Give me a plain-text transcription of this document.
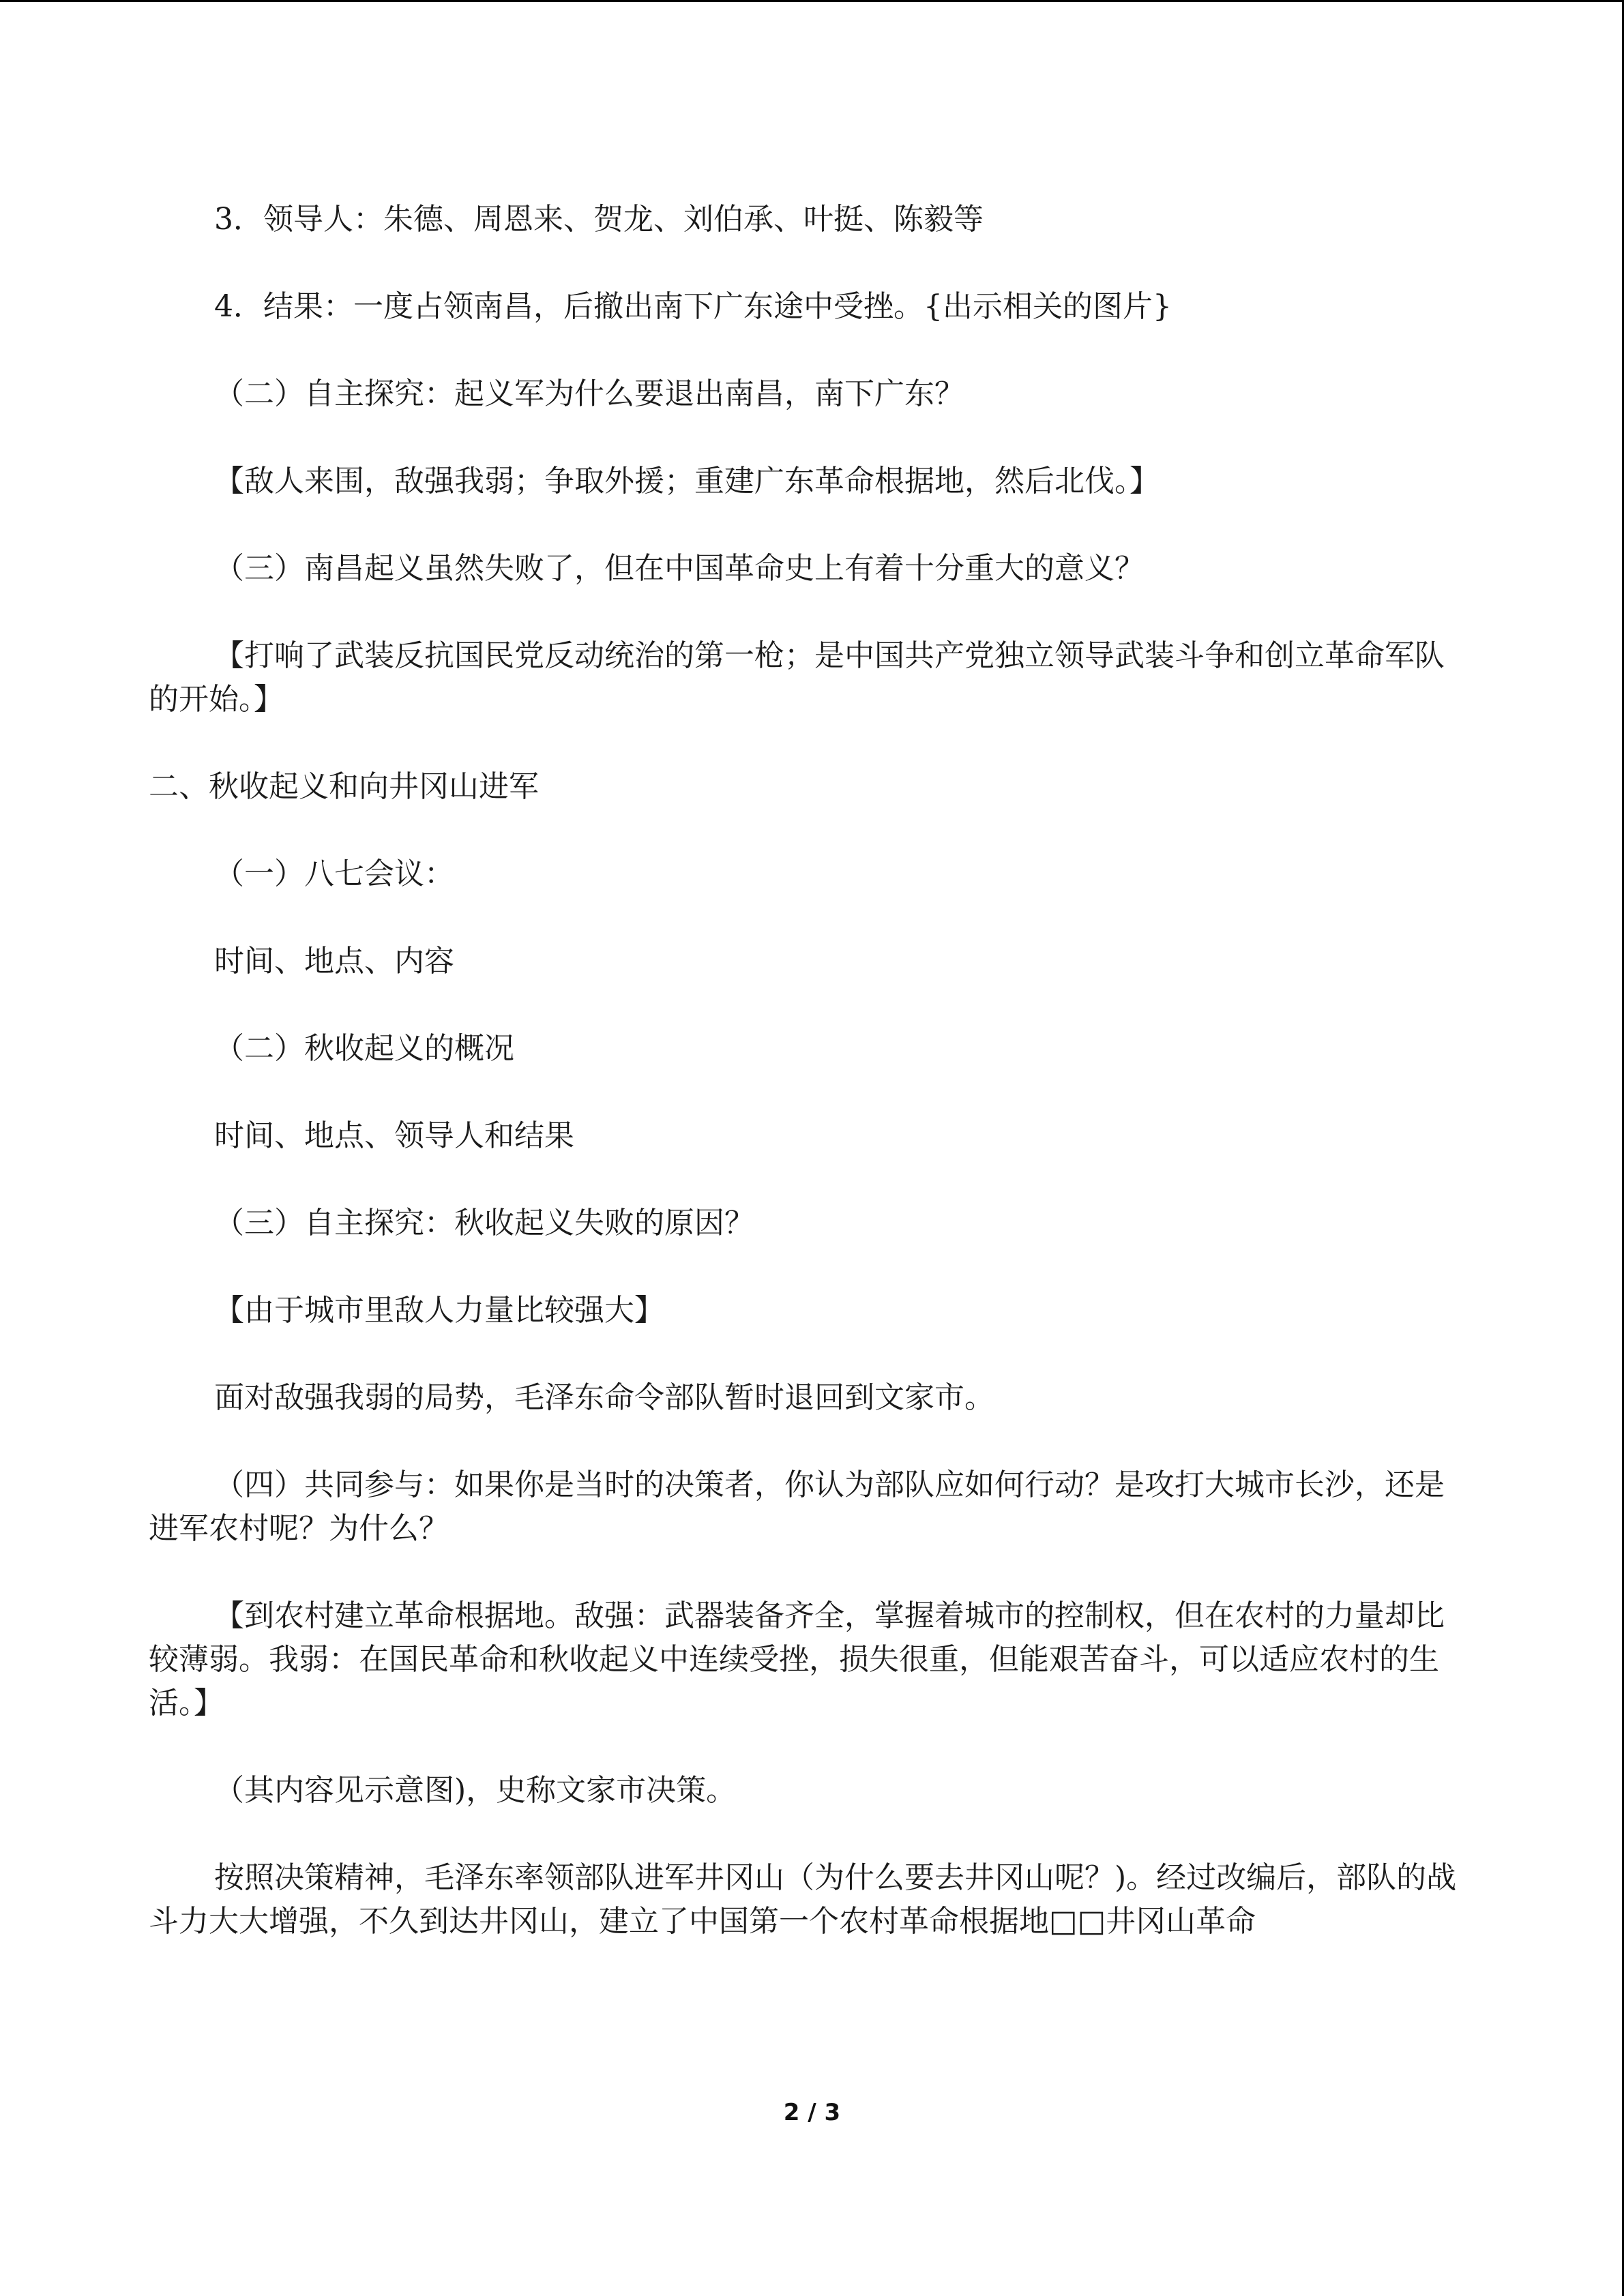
3．领导人：朱德、周恩来、贺龙、刘伯承、叶挺、陈毅等

4．结果：一度占领南昌，后撤出南下广东途中受挫。{出示相关的图片}

（二）自主探究：起义军为什么要退出南昌，南下广东？

【敌人来围，敌强我弱；争取外援；重建广东革命根据地，然后北伐。】

（三）南昌起义虽然失败了，但在中国革命史上有着十分重大的意义？

【打响了武装反抗国民党反动统治的第一枪；是中国共产党独立领导武装斗争和创立革命军队的开始。】

二、秋收起义和向井冈山进军

（一）八七会议：

时间、地点、内容

（二）秋收起义的概况

时间、地点、领导人和结果

（三）自主探究：秋收起义失败的原因？

【由于城市里敌人力量比较强大】

面对敌强我弱的局势，毛泽东命令部队暂时退回到文家市。

（四）共同参与：如果你是当时的决策者，你认为部队应如何行动？是攻打大城市长沙，还是进军农村呢？为什么？

【到农村建立革命根据地。敌强：武器装备齐全，掌握着城市的控制权，但在农村的力量却比较薄弱。我弱：在国民革命和秋收起义中连续受挫，损失很重，但能艰苦奋斗，可以适应农村的生活。】

（其内容见示意图)，史称文家市决策。

按照决策精神，毛泽东率领部队进军井冈山（为什么要去井冈山呢？)。经过改编后，部队的战斗力大大增强，不久到达井冈山，建立了中国第一个农村革命根据地□□井冈山革命

2 / 3
